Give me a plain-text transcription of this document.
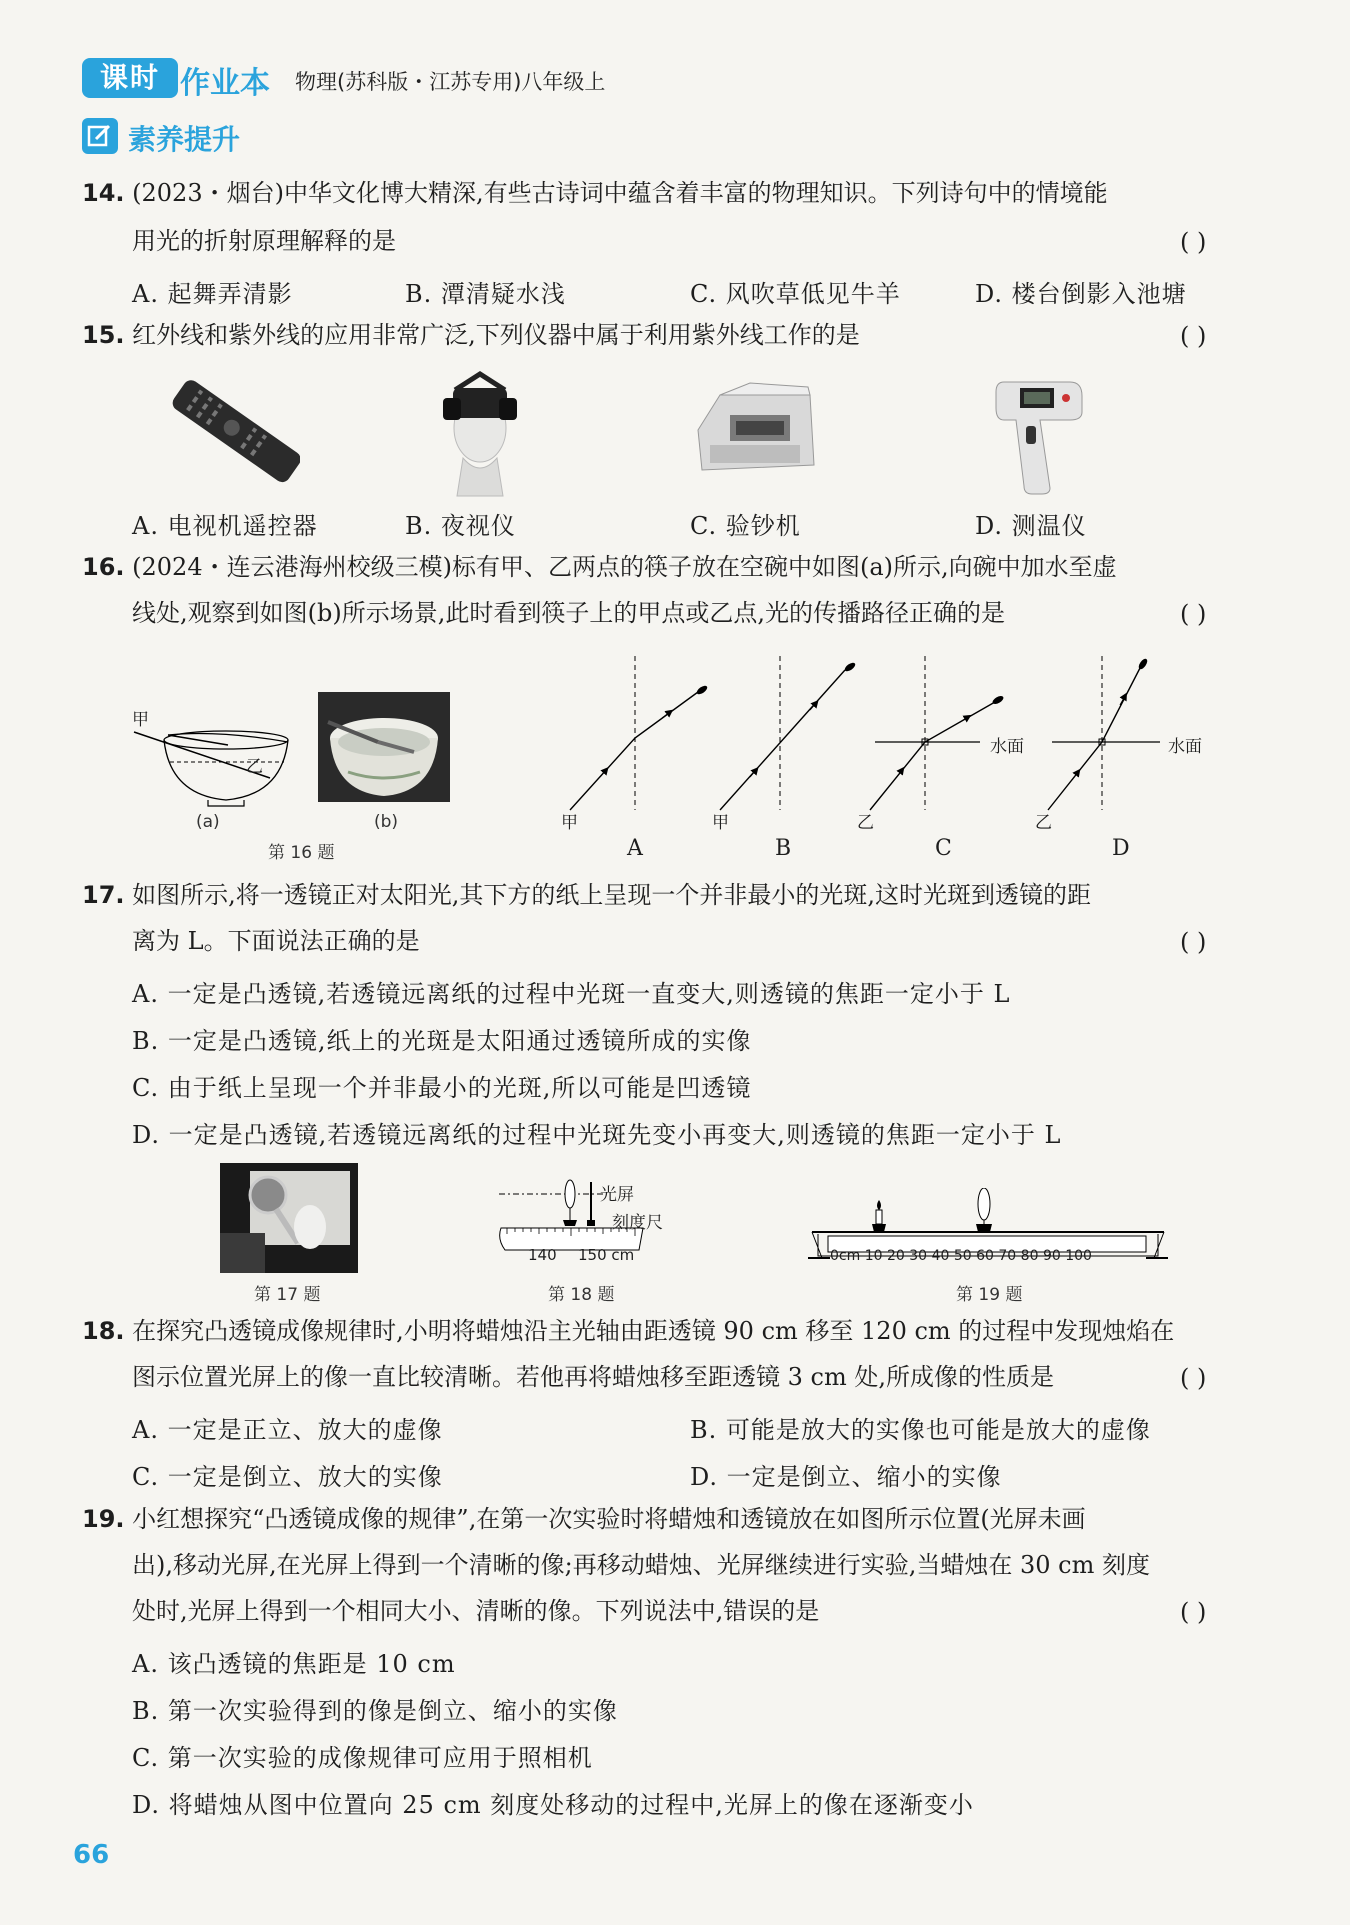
课时 作业本 物理(苏科版・江苏专用)八年级上
素养提升
14. (2023・烟台)中华文化博大精深,有些古诗词中蕴含着丰富的物理知识。下列诗句中的情境能
用光的折射原理解释的是	( )
A. 起舞弄清影	B. 潭清疑水浅	C. 风吹草低见牛羊	D. 楼台倒影入池塘
15. 红外线和紫外线的应用非常广泛,下列仪器中属于利用紫外线工作的是	( )
A. 电视机遥控器	B. 夜视仪	C. 验钞机	D. 测温仪
16. (2024・连云港海州校级三模)标有甲、乙两点的筷子放在空碗中如图(a)所示,向碗中加水至虚
线处,观察到如图(b)所示场景,此时看到筷子上的甲点或乙点,光的传播路径正确的是	( )
甲
乙
(a)	(b)
第 16 题
甲	甲	乙	乙
水面	水面
A	B	C	D
17. 如图所示,将一透镜正对太阳光,其下方的纸上呈现一个并非最小的光斑,这时光斑到透镜的距
离为 L。下面说法正确的是	( )
A. 一定是凸透镜,若透镜远离纸的过程中光斑一直变大,则透镜的焦距一定小于 L
B. 一定是凸透镜,纸上的光斑是太阳通过透镜所成的实像
C. 由于纸上呈现一个并非最小的光斑,所以可能是凹透镜
D. 一定是凸透镜,若透镜远离纸的过程中光斑先变小再变大,则透镜的焦距一定小于 L
第 17 题
光屏
刻度尺
140 150 cm
第 18 题
0cm 10 20 30 40 50 60 70 80 90 100
第 19 题
18. 在探究凸透镜成像规律时,小明将蜡烛沿主光轴由距透镜 90 cm 移至 120 cm 的过程中发现烛焰在
图示位置光屏上的像一直比较清晰。若他再将蜡烛移至距透镜 3 cm 处,所成像的性质是	( )
A. 一定是正立、放大的虚像	B. 可能是放大的实像也可能是放大的虚像
C. 一定是倒立、放大的实像	D. 一定是倒立、缩小的实像
19. 小红想探究“凸透镜成像的规律”,在第一次实验时将蜡烛和透镜放在如图所示位置(光屏未画
出),移动光屏,在光屏上得到一个清晰的像;再移动蜡烛、光屏继续进行实验,当蜡烛在 30 cm 刻度
处时,光屏上得到一个相同大小、清晰的像。下列说法中,错误的是	( )
A. 该凸透镜的焦距是 10 cm
B. 第一次实验得到的像是倒立、缩小的实像
C. 第一次实验的成像规律可应用于照相机
D. 将蜡烛从图中位置向 25 cm 刻度处移动的过程中,光屏上的像在逐渐变小
66
